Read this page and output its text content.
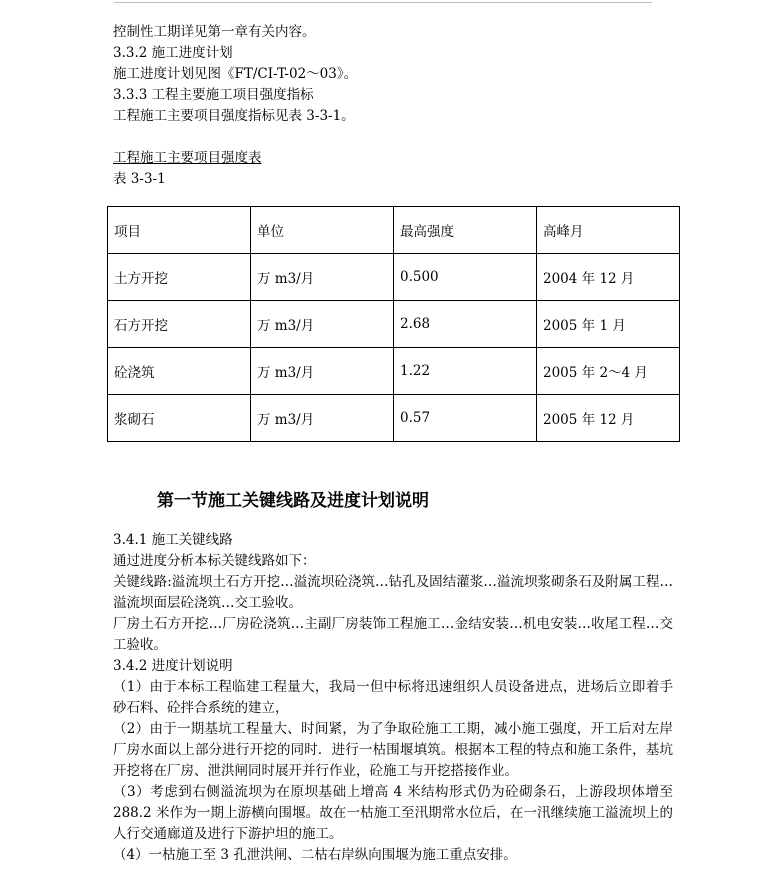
控制性工期详见第一章有关内容。
3.3.2 施工进度计划
施工进度计划见图《FT/CI-T-02～03》。
3.3.3 工程主要施工项目强度指标
工程施工主要项目强度指标见表 3-3-1。
工程施工主要项目强度表
表 3-3-1
项目	单位	最高强度	高峰月
土方开挖	万 m3/月	0.500	2004 年 12 月
石方开挖	万 m3/月	2.68	2005 年 1 月
砼浇筑	万 m3/月	1.22	2005 年 2～4 月
浆砌石	万 m3/月	0.57	2005 年 12 月
第一节施工关键线路及进度计划说明
3.4.1 施工关键线路
通过进度分析本标关键线路如下：
关键线路:溢流坝土石方开挖…溢流坝砼浇筑…钻孔及固结灌浆…溢流坝浆砌条石及附属工程…溢流坝面层砼浇筑…交工验收。
厂房土石方开挖…厂房砼浇筑…主副厂房装饰工程施工…金结安装…机电安装…收尾工程…交工验收。
3.4.2 进度计划说明
（1）由于本标工程临建工程量大，我局一但中标将迅速组织人员设备进点，进场后立即着手砂石料、砼拌合系统的建立，
（2）由于一期基坑工程量大、时间紧，为了争取砼施工工期，减小施工强度，开工后对左岸厂房水面以上部分进行开挖的同时．进行一枯围堰填筑。根据本工程的特点和施工条件，基坑开挖将在厂房、泄洪闸同时展开并行作业，砼施工与开挖搭接作业。
（3）考虑到右侧溢流坝为在原坝基础上增高 4 米结构形式仍为砼砌条石，上游段坝体增至 288.2 米作为一期上游横向围堰。故在一枯施工至汛期常水位后，在一汛继续施工溢流坝上的人行交通廊道及进行下游护坦的施工。
（4）一枯施工至 3 孔泄洪闸、二枯右岸纵向围堰为施工重点安排。
